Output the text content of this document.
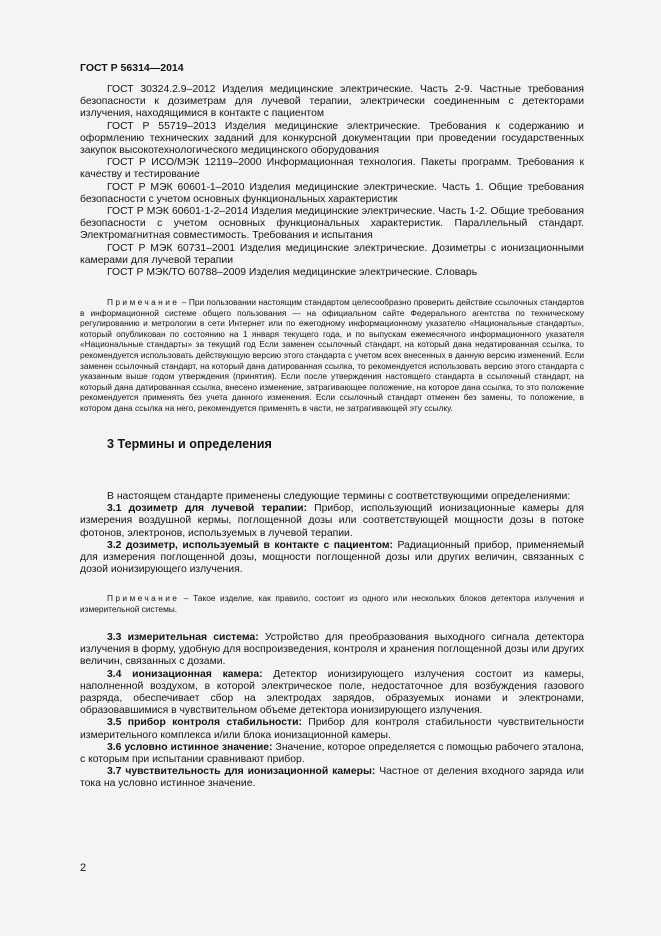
ГОСТ Р 56314—2014

ГОСТ 30324.2.9–2012 Изделия медицинские электрические. Часть 2-9. Частные требования безопасности к дозиметрам для лучевой терапии, электрически соединенным с детекторами излучения, находящимися в контакте с пациентом

ГОСТ Р 55719–2013 Изделия медицинские электрические. Требования к содержанию и оформлению технических заданий для конкурсной документации при проведении государственных закупок высокотехнологического медицинского оборудования

ГОСТ Р ИСО/МЭК 12119–2000 Информационная технология. Пакеты программ. Требования к качеству и тестирование

ГОСТ Р МЭК 60601-1–2010 Изделия медицинские электрические. Часть 1. Общие требования безопасности с учетом основных функциональных характеристик

ГОСТ Р МЭК 60601-1-2–2014 Изделия медицинские электрические. Часть 1-2. Общие требования безопасности с учетом основных функциональных характеристик. Параллельный стандарт. Электромагнитная совместимость. Требования и испытания

ГОСТ Р МЭК 60731–2001 Изделия медицинские электрические. Дозиметры с ионизационными камерами для лучевой терапии

ГОСТ Р МЭК/ТО 60788–2009 Изделия медицинские электрические. Словарь

Примечание – При пользовании настоящим стандартом целесообразно проверить действие ссылочных стандартов в информационной системе общего пользования — на официальном сайте Федерального агентства по техническому регулированию и метрологии в сети Интернет или по ежегодному информационному указателю «Национальные стандарты», который опубликован по состоянию на 1 января текущего года, и по выпускам ежемесячного информационного указателя «Национальные стандарты» за текущий год Если заменен ссылочный стандарт, на который дана недатированная ссылка, то рекомендуется использовать действующую версию этого стандарта с учетом всех внесенных в данную версию изменений. Если заменен ссылочный стандарт, на который дана датированная ссылка, то рекомендуется использовать версию этого стандарта с указанным выше годом утверждения (принятия). Если после утверждения настоящего стандарта в ссылочный стандарт, на который дана датированная ссылка, внесено изменение, затрагивающее положение, на которое дана ссылка, то это положение рекомендуется применять без учета данного изменения. Если ссылочный стандарт отменен без замены, то положение, в котором дана ссылка на него, рекомендуется применять в части, не затрагивающей эту ссылку.

3 Термины и определения

В настоящем стандарте применены следующие термины с соответствующими определениями:

3.1 дозиметр для лучевой терапии: Прибор, использующий ионизационные камеры для измерения воздушной кермы, поглощенной дозы или соответствующей мощности дозы в потоке фотонов, электронов, используемых в лучевой терапии.

3.2 дозиметр, используемый в контакте с пациентом: Радиационный прибор, применяемый для измерения поглощенной дозы, мощности поглощенной дозы или других величин, связанных с дозой ионизирующего излучения.

Примечание – Такое изделие, как правило, состоит из одного или нескольких блоков детектора излучения и измерительной системы.

3.3 измерительная система: Устройство для преобразования выходного сигнала детектора излучения в форму, удобную для воспроизведения, контроля и хранения поглощенной дозы или других величин, связанных с дозами.

3.4 ионизационная камера: Детектор ионизирующего излучения состоит из камеры, наполненной воздухом, в которой электрическое поле, недостаточное для возбуждения газового разряда, обеспечивает сбор на электродах зарядов, образуемых ионами и электронами, образовавшимися в чувствительном объеме детектора ионизирующего излучения.

3.5 прибор контроля стабильности: Прибор для контроля стабильности чувствительности измерительного комплекса и/или блока ионизационной камеры.

3.6 условно истинное значение: Значение, которое определяется с помощью рабочего эталона, с которым при испытании сравнивают прибор.

3.7 чувствительность для ионизационной камеры: Частное от деления входного заряда или тока на условно истинное значение.

2
